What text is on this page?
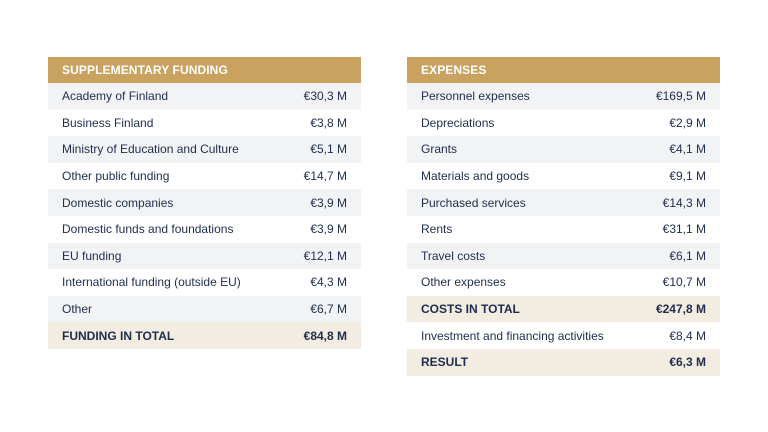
SUPPLEMENTARY FUNDING
Academy of Finland	€30,3 M
Business Finland	€3,8 M
Ministry of Education and Culture	€5,1 M
Other public funding	€14,7 M
Domestic companies	€3,9 M
Domestic funds and foundations	€3,9 M
EU funding	€12,1 M
International funding (outside EU)	€4,3 M
Other	€6,7 M
FUNDING IN TOTAL	€84,8 M
EXPENSES
Personnel expenses	€169,5 M
Depreciations	€2,9 M
Grants	€4,1 M
Materials and goods	€9,1 M
Purchased services	€14,3 M
Rents	€31,1 M
Travel costs	€6,1 M
Other expenses	€10,7 M
COSTS IN TOTAL	€247,8 M
Investment and financing activities	€8,4 M
RESULT	€6,3 M
